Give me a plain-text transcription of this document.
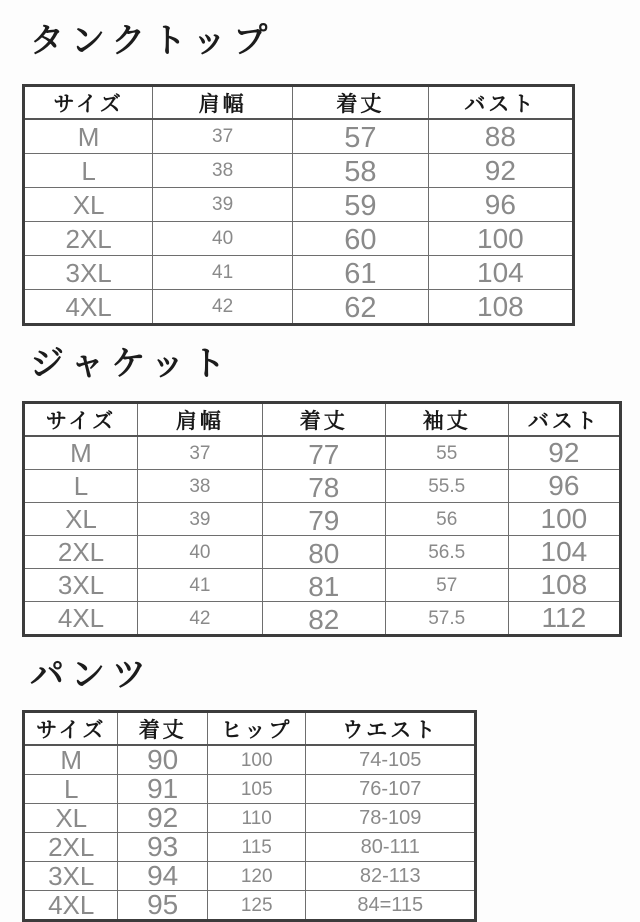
タンクトップ
サイズ	肩幅	着丈	バスト
M	37	57	88
L	38	58	92
XL	39	59	96
2XL	40	60	100
3XL	41	61	104
4XL	42	62	108
ジャケット
サイズ	肩幅	着丈	袖丈	バスト
M	37	77	55	92
L	38	78	55.5	96
XL	39	79	56	100
2XL	40	80	56.5	104
3XL	41	81	57	108
4XL	42	82	57.5	112
パンツ
サイズ	着丈	ヒップ	ウエスト
M	90	100	74-105
L	91	105	76-107
XL	92	110	78-109
2XL	93	115	80-111
3XL	94	120	82-113
4XL	95	125	84=115
